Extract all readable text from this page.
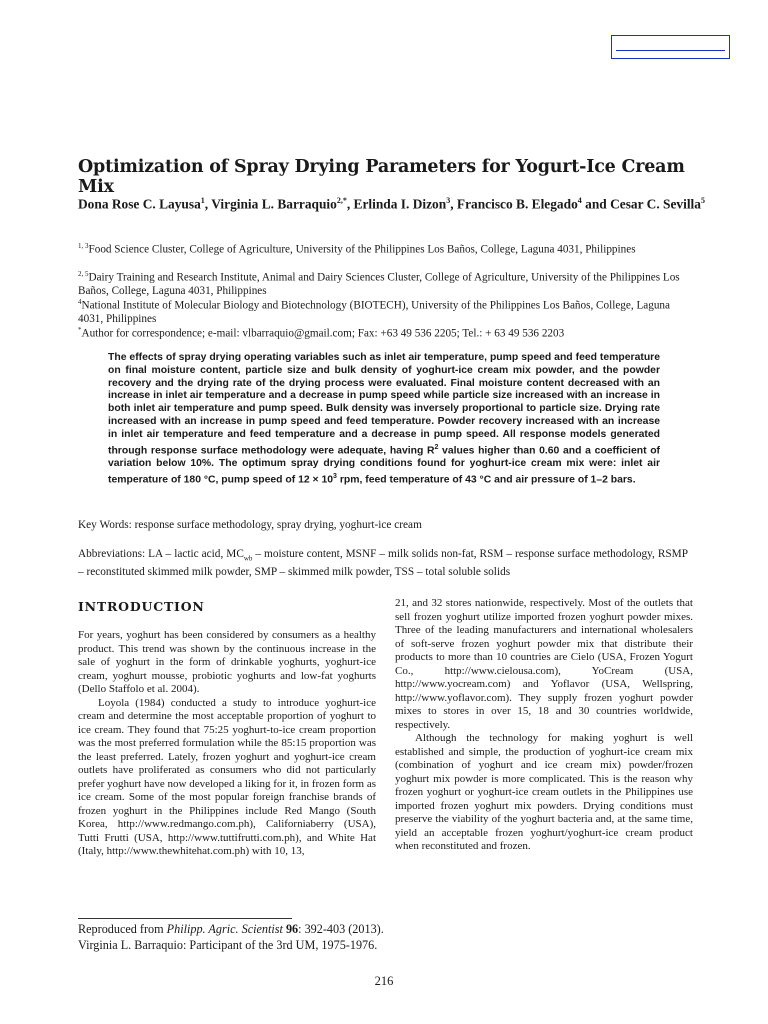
Optimization of Spray Drying Parameters for Yogurt-Ice Cream Mix
Dona Rose C. Layusa$^1$, Virginia L. Barraquio$^{2,*}$, Erlinda I. Dizon$^3$, Francisco B. Elegado$^4$ and Cesar C. Sevilla$^5$
$^{1, 3}$Food Science Cluster, College of Agriculture, University of the Philippines Los Baños, College, Laguna 4031, Philippines
$^{2, 5}$Dairy Training and Research Institute, Animal and Dairy Sciences Cluster, College of Agriculture, University of the Philippines Los Baños, College, Laguna 4031, Philippines
$^4$National Institute of Molecular Biology and Biotechnology (BIOTECH), University of the Philippines Los Baños, College, Laguna 4031, Philippines
*Author for correspondence; e-mail: vlbarraquio@gmail.com; Fax: +63 49 536 2205; Tel.: + 63 49 536 2203
The effects of spray drying operating variables such as inlet air temperature, pump speed and feed temperature on final moisture content, particle size and bulk density of yoghurt-ice cream mix powder, and the powder recovery and the drying rate of the drying process were evaluated. Final moisture content decreased with an increase in inlet air temperature and a decrease in pump speed while particle size increased with an increase in both inlet air temperature and pump speed. Bulk density was inversely proportional to particle size. Drying rate increased with an increase in pump speed and feed temperature. Powder recovery increased with an increase in inlet air temperature and feed temperature and a decrease in pump speed. All response models generated through response surface methodology were adequate, having $R^2$ values higher than 0.60 and a coefficient of variation below 10%. The optimum spray drying conditions found for yoghurt-ice cream mix were: inlet air temperature of 180 °C, pump speed of $12 \times 10^3$ rpm, feed temperature of 43 °C and air pressure of 1–2 bars.
Key Words: response surface methodology, spray drying, yoghurt-ice cream
Abbreviations: LA – lactic acid, $MC_{wb}$ – moisture content, MSNF – milk solids non-fat, RSM – response surface methodology, RSMP – reconstituted skimmed milk powder, SMP – skimmed milk powder, TSS – total soluble solids
INTRODUCTION

For years, yoghurt has been considered by consumers as a healthy product. This trend was shown by the continuous increase in the sale of yoghurt in the form of drinkable yoghurts, yoghurt-ice cream, yoghurt mousse, probiotic yoghurts and low-fat yoghurts (Dello Staffolo et al. 2004).

Loyola (1984) conducted a study to introduce yoghurt-ice cream and determine the most acceptable proportion of yoghurt to ice cream. They found that 75:25 yoghurt-to-ice cream proportion was the most preferred formulation while the 85:15 proportion was the least preferred. Lately, frozen yoghurt and yoghurt-ice cream outlets have proliferated as consumers who did not particularly prefer yoghurt have now developed a liking for it, in frozen form as ice cream. Some of the most popular foreign franchise brands of frozen yoghurt in the Philippines include Red Mango (South Korea, http://www.redmango.com.ph), Californiaberry (USA), Tutti Frutti (USA, http://www.tuttifrutti.com.ph), and White Hat (Italy, http://www.thewhitehat.com.ph) with 10, 13,

21, and 32 stores nationwide, respectively. Most of the outlets that sell frozen yoghurt utilize imported frozen yoghurt powder mixes. Three of the leading manufacturers and international wholesalers of soft-serve frozen yoghurt powder mix that distribute their products to more than 10 countries are Cielo (USA, Frozen Yogurt Co., http://www.cielousa.com), YoCream (USA, http://www.yocream.com) and Yoflavor (USA, Wellspring, http://www.yoflavor.com). They supply frozen yoghurt powder mixes to stores in over 15, 18 and 30 countries worldwide, respectively.

Although the technology for making yoghurt is well established and simple, the production of yoghurt-ice cream mix (combination of yoghurt and ice cream mix) powder/frozen yoghurt mix powder is more complicated. This is the reason why frozen yoghurt or yoghurt-ice cream outlets in the Philippines use imported frozen yoghurt mix powders. Drying conditions must preserve the viability of the yoghurt bacteria and, at the same time, yield an acceptable frozen yoghurt/yoghurt-ice cream product when reconstituted and frozen.

Reproduced from Philipp. Agric. Scientist 96: 392-403 (2013).
Virginia L. Barraquio: Participant of the 3rd UM, 1975-1976.
216
